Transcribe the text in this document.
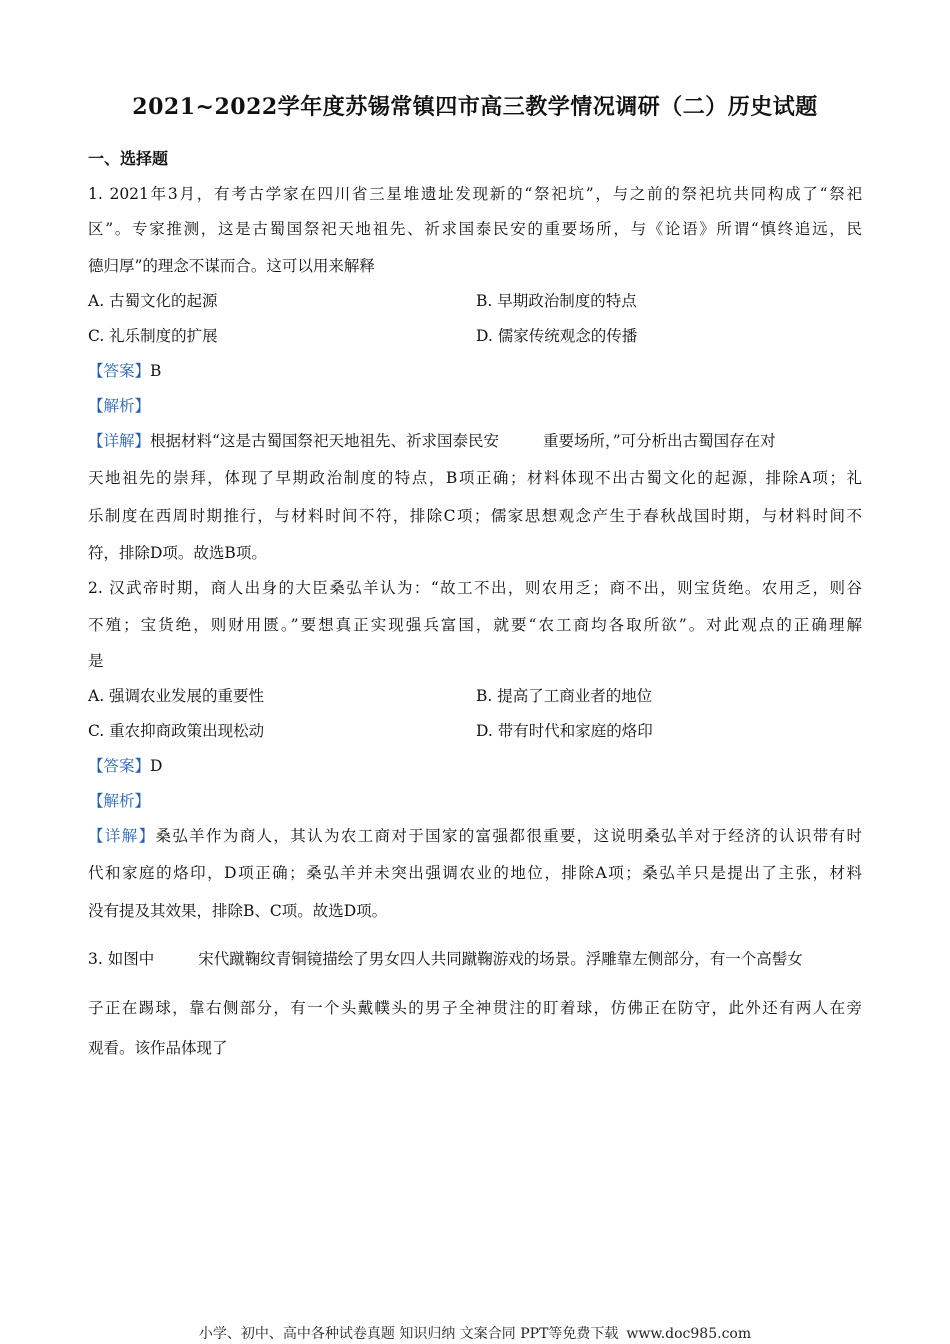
2021~2022学年度苏锡常镇四市高三教学情况调研（二）历史试题
一、选择题
1. 2021年3月，有考古学家在四川省三星堆遗址发现新的“祭祀坑”，与之前的祭祀坑共同构成了“祭祀
区”。专家推测，这是古蜀国祭祀天地祖先、祈求国泰民安的重要场所，与《论语》所谓“慎终追远，民
德归厚”的理念不谋而合。这可以用来解释
A. 古蜀文化的起源	B. 早期政治制度的特点
C. 礼乐制度的扩展	D. 儒家传统观念的传播
【答案】B
【解析】
【详解】根据材料“这是古蜀国祭祀天地祖先、祈求国泰民安	重要场所，”可分析出古蜀国存在对
天地祖先的崇拜，体现了早期政治制度的特点，B项正确；材料体现不出古蜀文化的起源，排除A项；礼
乐制度在西周时期推行，与材料时间不符，排除C项；儒家思想观念产生于春秋战国时期，与材料时间不
符，排除D项。故选B项。
2. 汉武帝时期，商人出身的大臣桑弘羊认为：“故工不出，则农用乏；商不出，则宝货绝。农用乏，则谷
不殖；宝货绝，则财用匮。”要想真正实现强兵富国，就要“农工商均各取所欲”。对此观点的正确理解
是
A. 强调农业发展的重要性	B. 提高了工商业者的地位
C. 重农抑商政策出现松动	D. 带有时代和家庭的烙印
【答案】D
【解析】
【详解】桑弘羊作为商人，其认为农工商对于国家的富强都很重要，这说明桑弘羊对于经济的认识带有时
代和家庭的烙印，D项正确；桑弘羊并未突出强调农业的地位，排除A项；桑弘羊只是提出了主张，材料
没有提及其效果，排除B、C项。故选D项。
3. 如图中	宋代蹴鞠纹青铜镜描绘了男女四人共同蹴鞠游戏的场景。浮雕靠左侧部分，有一个高髻女
子正在踢球，靠右侧部分，有一个头戴幞头的男子全神贯注的盯着球，仿佛正在防守，此外还有两人在旁
观看。该作品体现了
小学、初中、高中各种试卷真题 知识归纳 文案合同 PPT等免费下载 www.doc985.com
